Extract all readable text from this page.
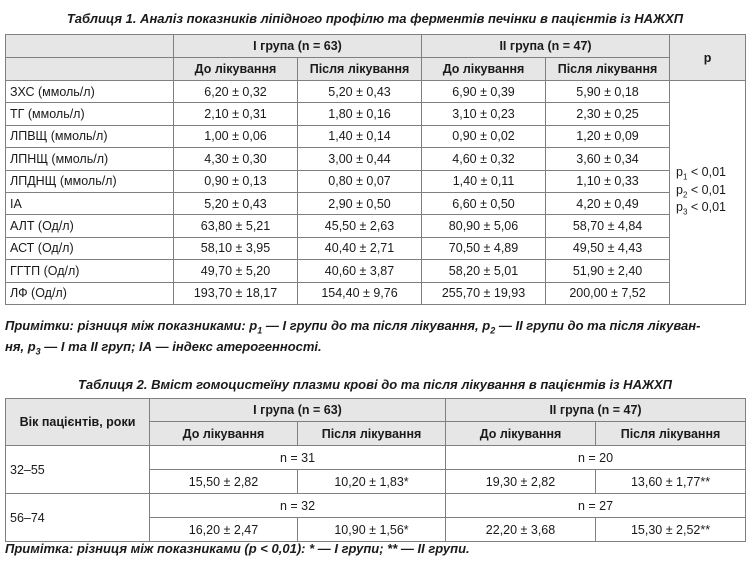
Таблиця 1. Аналіз показників ліпідного профілю та ферментів печінки в пацієнтів із НАЖХП
	I група (n = 63)		II група (n = 47)		p
	До лікування	Після лікування	До лікування	Після лікування	
ЗХС (ммоль/л)	6,20 ± 0,32	5,20 ± 0,43	6,90 ± 0,39	5,90 ± 0,18	$p_1 < 0,01$
$p_2 < 0,01$
$p_3 < 0,01$

ТГ (ммоль/л)	2,10 ± 0,31	1,80 ± 0,16	3,10 ± 0,23	2,30 ± 0,25	
ЛПВЩ (ммоль/л)	1,00 ± 0,06	1,40 ± 0,14	0,90 ± 0,02	1,20 ± 0,09	
ЛПНЩ (ммоль/л)	4,30 ± 0,30	3,00 ± 0,44	4,60 ± 0,32	3,60 ± 0,34	
ЛПДНЩ (ммоль/л)	0,90 ± 0,13	0,80 ± 0,07	1,40 ± 0,11	1,10 ± 0,33	
ІА	5,20 ± 0,43	2,90 ± 0,50	6,60 ± 0,50	4,20 ± 0,49	
АЛТ (Од/л)	63,80 ± 5,21	45,50 ± 2,63	80,90 ± 5,06	58,70 ± 4,84	
АСТ (Од/л)	58,10 ± 3,95	40,40 ± 2,71	70,50 ± 4,89	49,50 ± 4,43	
ГГТП (Од/л)	49,70 ± 5,20	40,60 ± 3,87	58,20 ± 5,01	51,90 ± 2,40	
ЛФ (Од/л)	193,70 ± 18,17	154,40 ± 9,76	255,70 ± 19,93	200,00 ± 7,52	
Примітки: різниця між показниками: $p_1$ — I групи до та після лікування, $p_2$ — II групи до та після лікуван-
ня, $p_3$ — I та II груп; ІА — індекс атерогенності.
Таблиця 2. Вміст гомоцистеїну плазми крові до та після лікування в пацієнтів із НАЖХП
Вік пацієнтів, роки	I група (n = 63)		II група (n = 47)	
	До лікування	Після лікування	До лікування	Після лікування
32–55	n = 31		n = 20	
	15,50 ± 2,82	10,20 ± 1,83*	19,30 ± 2,82	13,60 ± 1,77**
56–74	n = 32		n = 27	
	16,20 ± 2,47	10,90 ± 1,56*	22,20 ± 3,68	15,30 ± 2,52**
Примітка: різниця між показниками (p < 0,01): * — I групи; ** — II групи.
